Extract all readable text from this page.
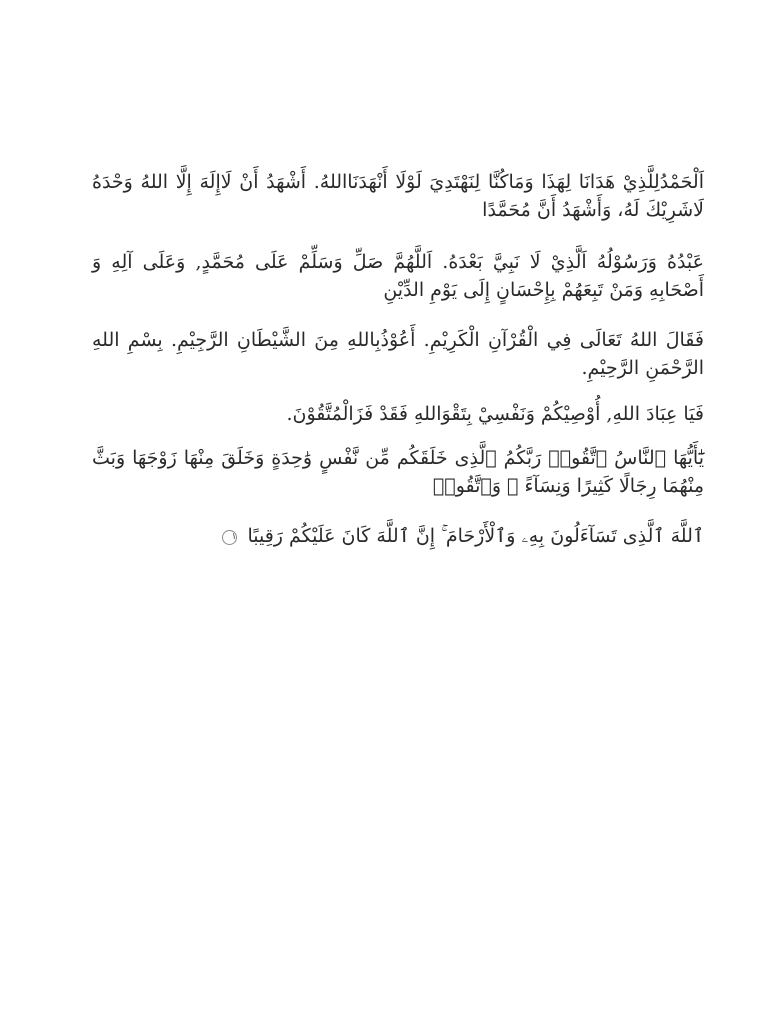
اَلْحَمْدُلِلَّذِيْ هَدَانَا لِهَذَا وَمَاكُنَّا لِنَهْتَدِيَ لَوْلَا أَنْهَدَنَااللهُ. أَشْهَدُ أَنْ لَاإِلَهَ إِلَّا اللهُ وَحْدَهُ لَاشَرِيْكَ لَهُ، وَأَشْهَدُ أَنَّ مُحَمَّدًا
عَبْدُهُ وَرَسُوْلُهُ اَلَّذِيْ لَا نَبِيَّ بَعْدَهُ. اَللَّهُمَّ صَلِّ وَسَلِّمْ عَلَى مُحَمَّدٍ, وَعَلَى آلِهِ وَ أَصْحَابِهِ وَمَنْ تَبِعَهُمْ بِإِحْسَانٍ إِلَى يَوْمِ الدِّيْنِ

فَقَالَ اللهُ تَعَالَى فِي الْقُرْآنِ الْكَرِيْمِ. أَعُوْذُبِاللهِ مِنَ الشَّيْطَانِ الرَّجِيْمِ. بِسْمِ اللهِ الرَّحْمَنِ الرَّحِيْمِ.

فَيَا عِبَادَ اللهِ, أُوْصِيْكُمْ وَنَفْسِيْ بِتَقْوَاللهِ فَقَدْ فَزَالْمُتَّقُوْنَ.

يَٰٓأَيُّهَا ٱلنَّاسُ ٱتَّقُوا۟ رَبَّكُمُ ٱلَّذِى خَلَقَكُم مِّن نَّفْسٍ وَٰحِدَةٍ وَخَلَقَ مِنْهَا زَوْجَهَا وَبَثَّ مِنْهُمَا رِجَالًا كَثِيرًا وَنِسَآءً ۚ وَٱتَّقُوا۟
ٱللَّهَ ٱلَّذِى تَسَآءَلُونَ بِهِۦ وَٱلْأَرْحَامَ ۚ إِنَّ ٱللَّهَ كَانَ عَلَيْكُمْ رَقِيبًا ١
